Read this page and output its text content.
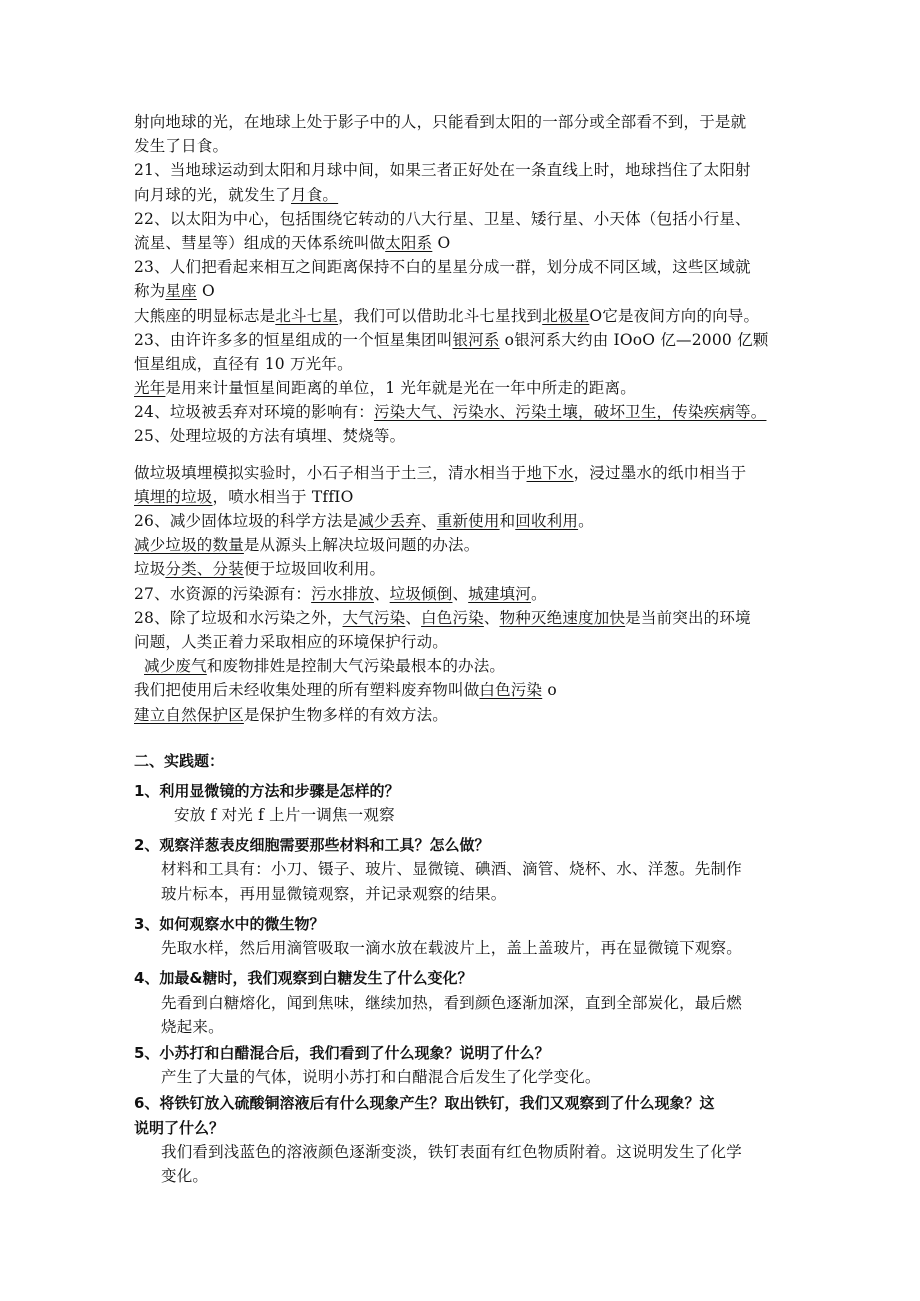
射向地球的光，在地球上处于影子中的人，只能看到太阳的一部分或全部看不到，于是就
发生了日食。
21、当地球运动到太阳和月球中间，如果三者正好处在一条直线上时，地球挡住了太阳射
向月球的光，就发生了月食。
22、以太阳为中心，包括围绕它转动的八大行星、卫星、矮行星、小天体（包括小行星、
流星、彗星等）组成的天体系统叫做太阳系 O
23、人们把看起来相互之间距离保持不白的星星分成一群，划分成不同区域，这些区域就
称为星座 O
大熊座的明显标志是北斗七星，我们可以借助北斗七星找到北极星O它是夜间方向的向导。
23、由许许多多的恒星组成的一个恒星集团叫银河系 o银河系大约由 IOoO 亿—2000 亿颗
恒星组成，直径有 10 万光年。
光年是用来计量恒星间距离的单位，1 光年就是光在一年中所走的距离。
24、垃圾被丢弃对环境的影响有：污染大气、污染水、污染土壤，破坏卫生，传染疾病等。
25、处理垃圾的方法有填埋、焚烧等。
做垃圾填埋模拟实验时，小石子相当于土三，清水相当于地下水，浸过墨水的纸巾相当于
填埋的垃圾，喷水相当于 TffIO
26、减少固体垃圾的科学方法是减少丢弃、重新使用和回收利用。
减少垃圾的数量是从源头上解决垃圾问题的办法。
垃圾分类、分装便于垃圾回收利用。
27、水资源的污染源有：污水排放、垃圾倾倒、城建填河。
28、除了垃圾和水污染之外，大气污染、白色污染、物种灭绝速度加快是当前突出的环境
问题，人类正着力采取相应的环境保护行动。
减少废气和废物排姓是控制大气污染最根本的办法。
我们把使用后未经收集处理的所有塑料废弃物叫做白色污染 o
建立自然保护区是保护生物多样的有效方法。
二、实践题：
1、利用显微镜的方法和步骤是怎样的？
安放 f 对光 f 上片一调焦一观察
2、观察洋葱表皮细胞需要那些材料和工具？怎么做？
材料和工具有：小刀、镊子、玻片、显微镜、碘酒、滴管、烧杯、水、洋葱。先制作
玻片标本，再用显微镜观察，并记录观察的结果。
3、如何观察水中的微生物？
先取水样，然后用滴管吸取一滴水放在载波片上，盖上盖玻片，再在显微镜下观察。
4、加最&糖时，我们观察到白糖发生了什么变化？
先看到白糖熔化，闻到焦味，继续加热，看到颜色逐渐加深，直到全部炭化，最后燃
烧起来。
5、小苏打和白醋混合后，我们看到了什么现象？说明了什么？
产生了大量的气体，说明小苏打和白醋混合后发生了化学变化。
6、将铁钉放入硫酸铜溶液后有什么现象产生？取出铁钉，我们又观察到了什么现象？这
说明了什么？
我们看到浅蓝色的溶液颜色逐渐变淡，铁钉表面有红色物质附着。这说明发生了化学
变化。
